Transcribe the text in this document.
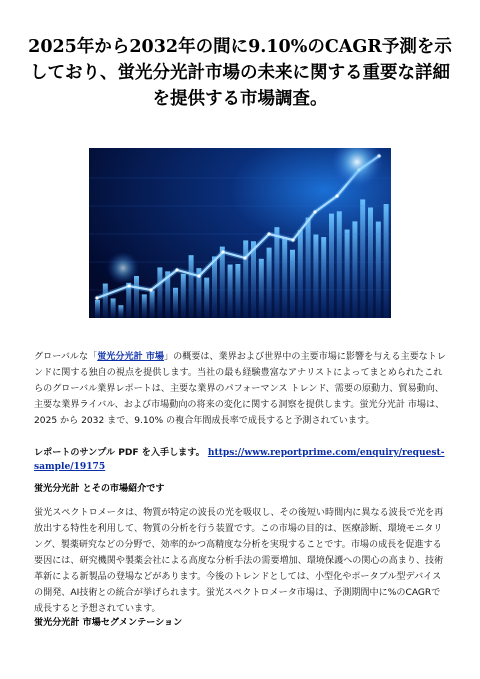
2025年から2032年の間に9.10%のCAGR予測を示しており、蛍光分光計市場の未来に関する重要な詳細を提供する市場調査。

グローバルな「蛍光分光計 市場」の概要は、業界および世界中の主要市場に影響を与える主要なトレンドに関する独自の視点を提供します。当社の最も経験豊富なアナリストによってまとめられたこれらのグローバル業界レポートは、主要な業界のパフォーマンス トレンド、需要の原動力、貿易動向、主要な業界ライバル、および市場動向の将来の変化に関する洞察を提供します。蛍光分光計 市場は、2025 から 2032 まで、9.10% の複合年間成長率で成長すると予測されています。

レポートのサンプル PDF を入手します。 https://www.reportprime.com/enquiry/request-sample/19175

蛍光分光計 とその市場紹介です

蛍光スペクトロメータは、物質が特定の波長の光を吸収し、その後短い時間内に異なる波長で光を再放出する特性を利用して、物質の分析を行う装置です。この市場の目的は、医療診断、環境モニタリング、製薬研究などの分野で、効率的かつ高精度な分析を実現することです。市場の成長を促進する要因には、研究機関や製薬会社による高度な分析手法の需要増加、環境保護への関心の高まり、技術革新による新製品の登場などがあります。今後のトレンドとしては、小型化やポータブル型デバイスの開発、AI技術との統合が挙げられます。蛍光スペクトロメータ市場は、予測期間中に%のCAGRで成長すると予想されています。

蛍光分光計 市場セグメンテーション
